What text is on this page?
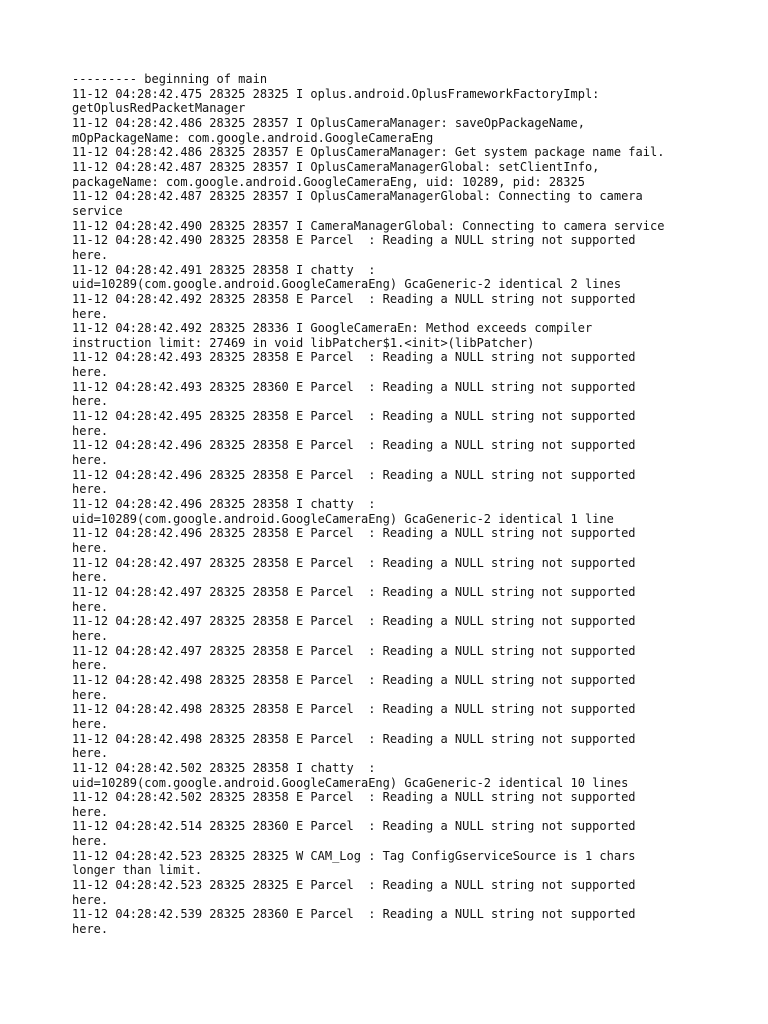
--------- beginning of main
11-12 04:28:42.475 28325 28325 I oplus.android.OplusFrameworkFactoryImpl:
getOplusRedPacketManager
11-12 04:28:42.486 28325 28357 I OplusCameraManager: saveOpPackageName,
mOpPackageName: com.google.android.GoogleCameraEng
11-12 04:28:42.486 28325 28357 E OplusCameraManager: Get system package name fail.
11-12 04:28:42.487 28325 28357 I OplusCameraManagerGlobal: setClientInfo,
packageName: com.google.android.GoogleCameraEng, uid: 10289, pid: 28325
11-12 04:28:42.487 28325 28357 I OplusCameraManagerGlobal: Connecting to camera
service
11-12 04:28:42.490 28325 28357 I CameraManagerGlobal: Connecting to camera service
11-12 04:28:42.490 28325 28358 E Parcel  : Reading a NULL string not supported
here.
11-12 04:28:42.491 28325 28358 I chatty  :
uid=10289(com.google.android.GoogleCameraEng) GcaGeneric-2 identical 2 lines
11-12 04:28:42.492 28325 28358 E Parcel  : Reading a NULL string not supported
here.
11-12 04:28:42.492 28325 28336 I GoogleCameraEn: Method exceeds compiler
instruction limit: 27469 in void libPatcher$1.<init>(libPatcher)
11-12 04:28:42.493 28325 28358 E Parcel  : Reading a NULL string not supported
here.
11-12 04:28:42.493 28325 28360 E Parcel  : Reading a NULL string not supported
here.
11-12 04:28:42.495 28325 28358 E Parcel  : Reading a NULL string not supported
here.
11-12 04:28:42.496 28325 28358 E Parcel  : Reading a NULL string not supported
here.
11-12 04:28:42.496 28325 28358 E Parcel  : Reading a NULL string not supported
here.
11-12 04:28:42.496 28325 28358 I chatty  :
uid=10289(com.google.android.GoogleCameraEng) GcaGeneric-2 identical 1 line
11-12 04:28:42.496 28325 28358 E Parcel  : Reading a NULL string not supported
here.
11-12 04:28:42.497 28325 28358 E Parcel  : Reading a NULL string not supported
here.
11-12 04:28:42.497 28325 28358 E Parcel  : Reading a NULL string not supported
here.
11-12 04:28:42.497 28325 28358 E Parcel  : Reading a NULL string not supported
here.
11-12 04:28:42.497 28325 28358 E Parcel  : Reading a NULL string not supported
here.
11-12 04:28:42.498 28325 28358 E Parcel  : Reading a NULL string not supported
here.
11-12 04:28:42.498 28325 28358 E Parcel  : Reading a NULL string not supported
here.
11-12 04:28:42.498 28325 28358 E Parcel  : Reading a NULL string not supported
here.
11-12 04:28:42.502 28325 28358 I chatty  :
uid=10289(com.google.android.GoogleCameraEng) GcaGeneric-2 identical 10 lines
11-12 04:28:42.502 28325 28358 E Parcel  : Reading a NULL string not supported
here.
11-12 04:28:42.514 28325 28360 E Parcel  : Reading a NULL string not supported
here.
11-12 04:28:42.523 28325 28325 W CAM_Log : Tag ConfigGserviceSource is 1 chars
longer than limit.
11-12 04:28:42.523 28325 28325 E Parcel  : Reading a NULL string not supported
here.
11-12 04:28:42.539 28325 28360 E Parcel  : Reading a NULL string not supported
here.
